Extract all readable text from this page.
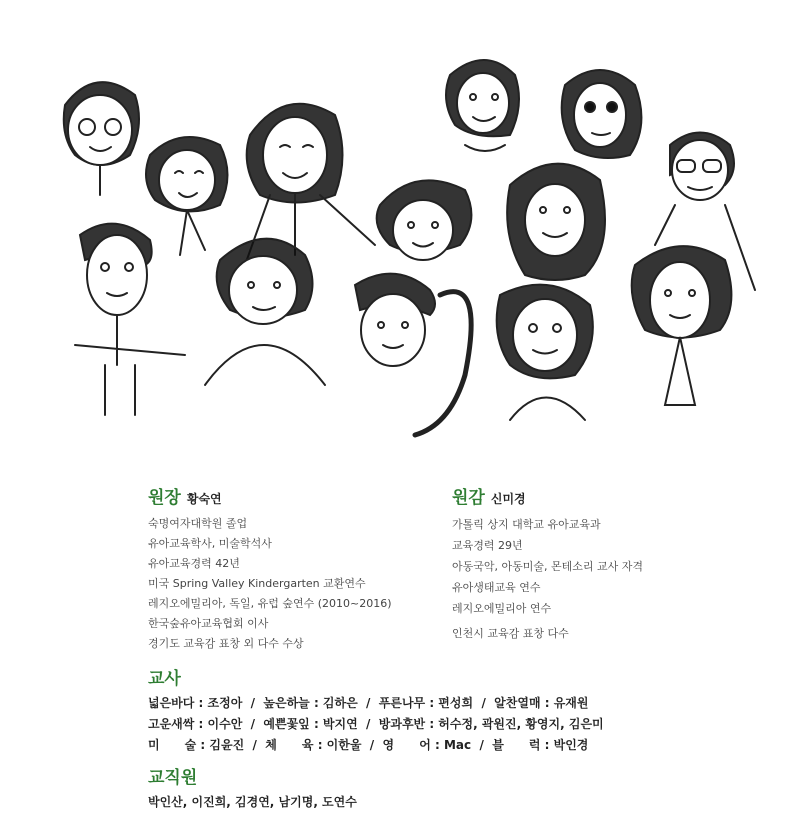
원장 황숙연
숙명여자대학원 졸업
유아교육학사, 미술학석사
유아교육경력 42년
미국 Spring Valley Kindergarten 교환연수
레지오에밀리아, 독일, 유럽 숲연수 (2010~2016)
한국숲유아교육협회 이사
경기도 교육감 표창 외 다수 수상
원감 신미경
가톨릭 상지 대학교 유아교육과
교육경력 29년
아동국악, 아동미술, 몬테소리 교사 자격
유아생태교육 연수
레지오에밀리아 연수
인천시 교육감 표창 다수
교사
넓은바다 : 조정아  /  높은하늘 : 김하은  /  푸른나무 : 편성희  /  알찬열매 : 유재원
고운새싹 : 이수안  /  예쁜꽃잎 : 박지연  /  방과후반 : 허수정, 곽원진, 황영지, 김은미
미      술 : 김윤진  /  체      육 : 이한울  /  영      어 : Mac  /  블      럭 : 박인경
교직원
박인산, 이진희, 김경연, 남기명, 도연수
